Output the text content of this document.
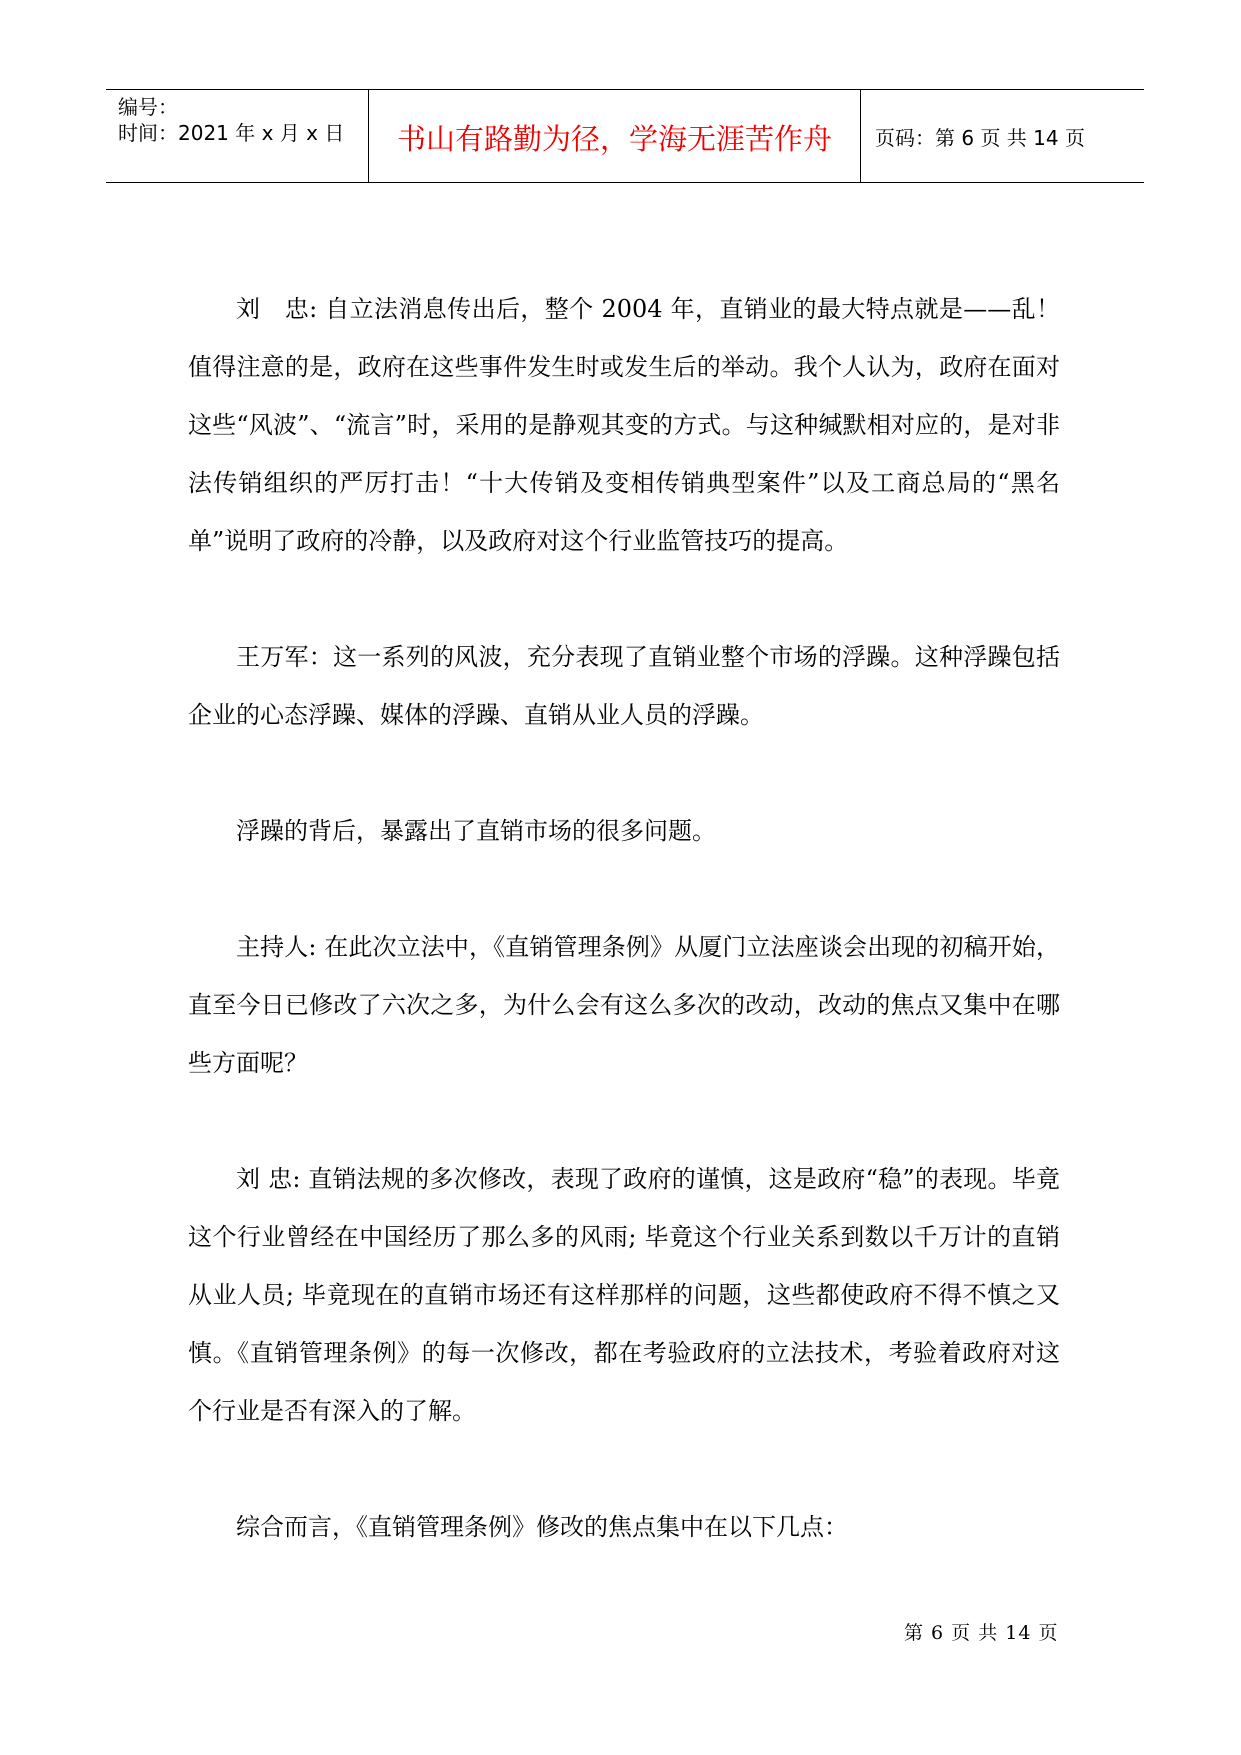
编号：
时间：2021 年 x 月 x 日 书山有路勤为径，学海无涯苦作舟	页码：第 6 页 共 14 页

刘　忠: 自立法消息传出后，整个 2004 年，直销业的最大特点就是——乱！值得注意的是，政府在这些事件发生时或发生后的举动。我个人认为，政府在面对这些“风波”、“流言”时，采用的是静观其变的方式。与这种缄默相对应的，是对非法传销组织的严厉打击！“十大传销及变相传销典型案件”以及工商总局的“黑名单”说明了政府的冷静，以及政府对这个行业监管技巧的提高。

王万军：这一系列的风波，充分表现了直销业整个市场的浮躁。这种浮躁包括企业的心态浮躁、媒体的浮躁、直销从业人员的浮躁。

浮躁的背后，暴露出了直销市场的很多问题。

主持人: 在此次立法中，《直销管理条例》从厦门立法座谈会出现的初稿开始，直至今日已修改了六次之多，为什么会有这么多次的改动，改动的焦点又集中在哪些方面呢？

刘 忠: 直销法规的多次修改，表现了政府的谨慎，这是政府“稳”的表现。毕竟这个行业曾经在中国经历了那么多的风雨; 毕竟这个行业关系到数以千万计的直销从业人员; 毕竟现在的直销市场还有这样那样的问题，这些都使政府不得不慎之又慎。《直销管理条例》的每一次修改，都在考验政府的立法技术，考验着政府对这个行业是否有深入的了解。

综合而言，《直销管理条例》修改的焦点集中在以下几点：

第 6 页 共 14 页
